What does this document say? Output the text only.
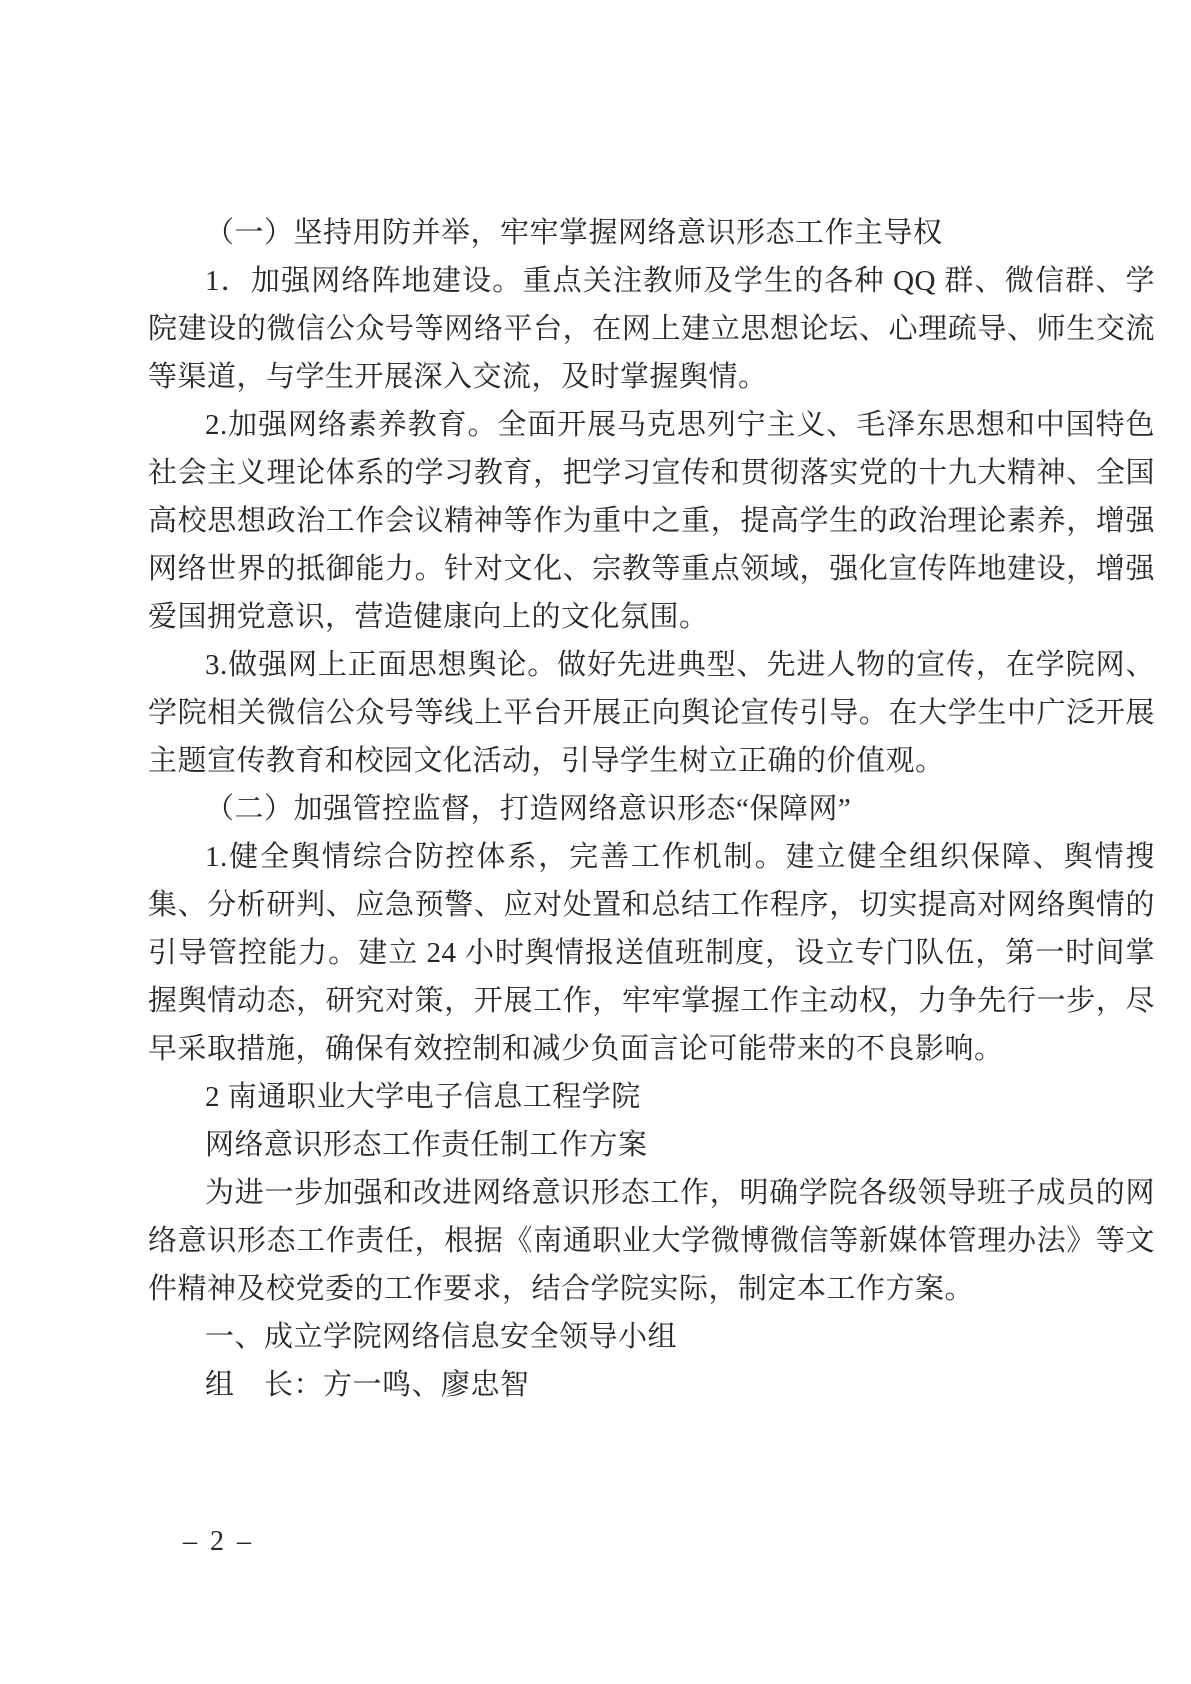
（一）坚持用防并举，牢牢掌握网络意识形态工作主导权

1．加强网络阵地建设。重点关注教师及学生的各种 QQ 群、微信群、学院建设的微信公众号等网络平台，在网上建立思想论坛、心理疏导、师生交流等渠道，与学生开展深入交流，及时掌握舆情。

2.加强网络素养教育。全面开展马克思列宁主义、毛泽东思想和中国特色社会主义理论体系的学习教育，把学习宣传和贯彻落实党的十九大精神、全国高校思想政治工作会议精神等作为重中之重，提高学生的政治理论素养，增强网络世界的抵御能力。针对文化、宗教等重点领域，强化宣传阵地建设，增强爱国拥党意识，营造健康向上的文化氛围。

3.做强网上正面思想舆论。做好先进典型、先进人物的宣传，在学院网、学院相关微信公众号等线上平台开展正向舆论宣传引导。在大学生中广泛开展主题宣传教育和校园文化活动，引导学生树立正确的价值观。

（二）加强管控监督，打造网络意识形态“保障网”

1.健全舆情综合防控体系，完善工作机制。建立健全组织保障、舆情搜集、分析研判、应急预警、应对处置和总结工作程序，切实提高对网络舆情的引导管控能力。建立 24 小时舆情报送值班制度，设立专门队伍，第一时间掌握舆情动态，研究对策，开展工作，牢牢掌握工作主动权，力争先行一步，尽早采取措施，确保有效控制和减少负面言论可能带来的不良影响。

2 南通职业大学电子信息工程学院

网络意识形态工作责任制工作方案

为进一步加强和改进网络意识形态工作，明确学院各级领导班子成员的网络意识形态工作责任，根据《南通职业大学微博微信等新媒体管理办法》等文件精神及校党委的工作要求，结合学院实际，制定本工作方案。

一、成立学院网络信息安全领导小组

组　长：方一鸣、廖忠智

– 2 –
